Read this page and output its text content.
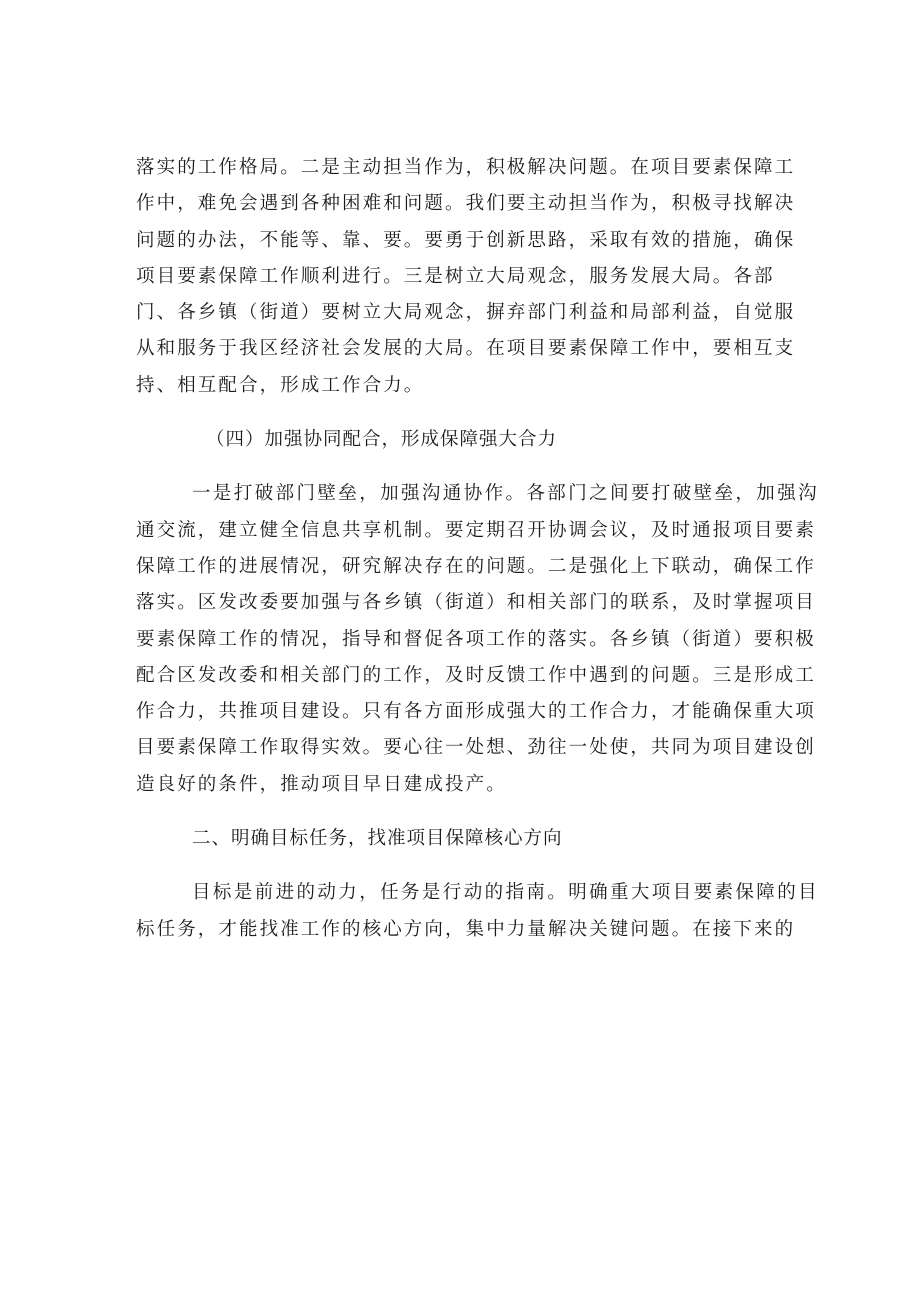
落实的工作格局。二是主动担当作为，积极解决问题。在项目要素保障工
作中，难免会遇到各种困难和问题。我们要主动担当作为，积极寻找解决
问题的办法，不能等、靠、要。要勇于创新思路，采取有效的措施，确保
项目要素保障工作顺利进行。三是树立大局观念，服务发展大局。各部
门、各乡镇（街道）要树立大局观念，摒弃部门利益和局部利益，自觉服
从和服务于我区经济社会发展的大局。在项目要素保障工作中，要相互支
持、相互配合，形成工作合力。
（四）加强协同配合，形成保障强大合力
一是打破部门壁垒，加强沟通协作。各部门之间要打破壁垒，加强沟
通交流，建立健全信息共享机制。要定期召开协调会议，及时通报项目要素
保障工作的进展情况，研究解决存在的问题。二是强化上下联动，确保工作
落实。区发改委要加强与各乡镇（街道）和相关部门的联系，及时掌握项目
要素保障工作的情况，指导和督促各项工作的落实。各乡镇（街道）要积极
配合区发改委和相关部门的工作，及时反馈工作中遇到的问题。三是形成工
作合力，共推项目建设。只有各方面形成强大的工作合力，才能确保重大项
目要素保障工作取得实效。要心往一处想、劲往一处使，共同为项目建设创
造良好的条件，推动项目早日建成投产。
二、明确目标任务，找准项目保障核心方向
目标是前进的动力，任务是行动的指南。明确重大项目要素保障的目
标任务，才能找准工作的核心方向，集中力量解决关键问题。在接下来的
